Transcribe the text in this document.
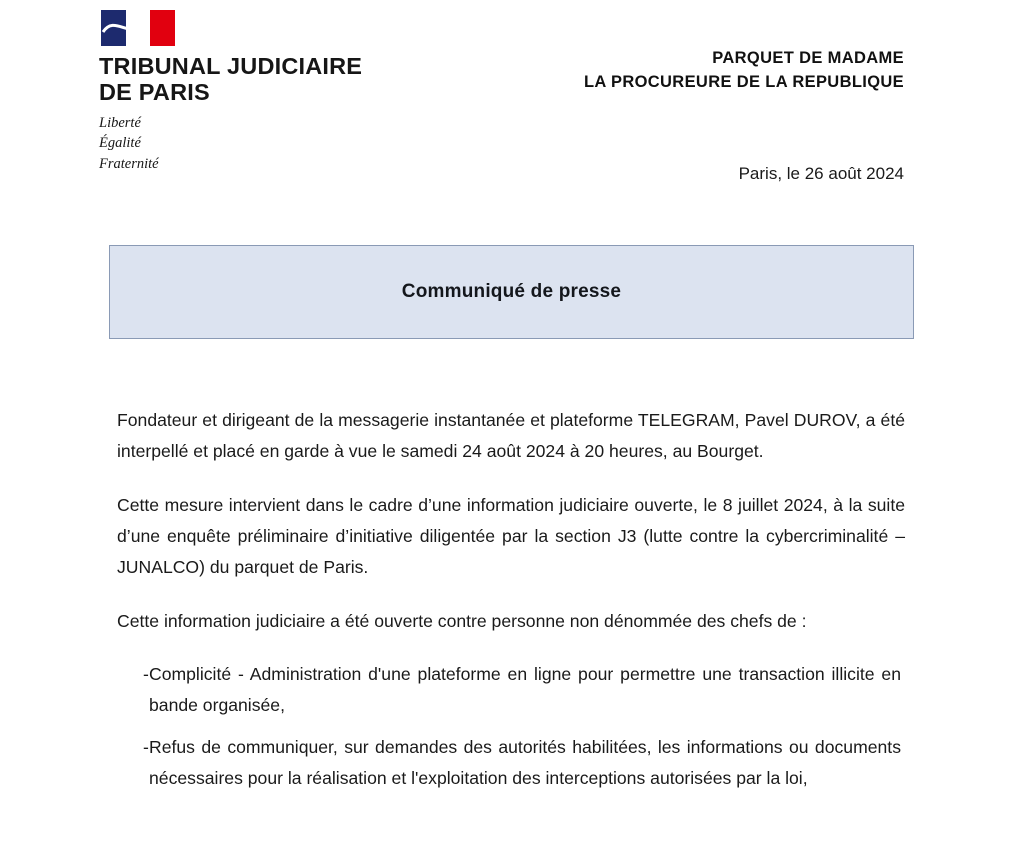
TRIBUNAL JUDICIAIRE
DE PARIS
Liberté
Égalité
Fraternité
PARQUET DE MADAME
LA PROCUREURE DE LA REPUBLIQUE
Paris, le 26 août 2024
Communiqué de presse

Fondateur et dirigeant de la messagerie instantanée et plateforme TELEGRAM, Pavel DUROV, a été interpellé et placé en garde à vue le samedi 24 août 2024 à 20 heures, au Bourget.

Cette mesure intervient dans le cadre d’une information judiciaire ouverte, le 8 juillet 2024, à la suite d’une enquête préliminaire d’initiative diligentée par la section J3 (lutte contre la cybercriminalité – JUNALCO) du parquet de Paris.

Cette information judiciaire a été ouverte contre personne non dénommée des chefs de :

- Complicité - Administration d'une plateforme en ligne pour permettre une transaction illicite en bande organisée,
- Refus de communiquer, sur demandes des autorités habilitées, les informations ou documents nécessaires pour la réalisation et l'exploitation des interceptions autorisées par la loi,
